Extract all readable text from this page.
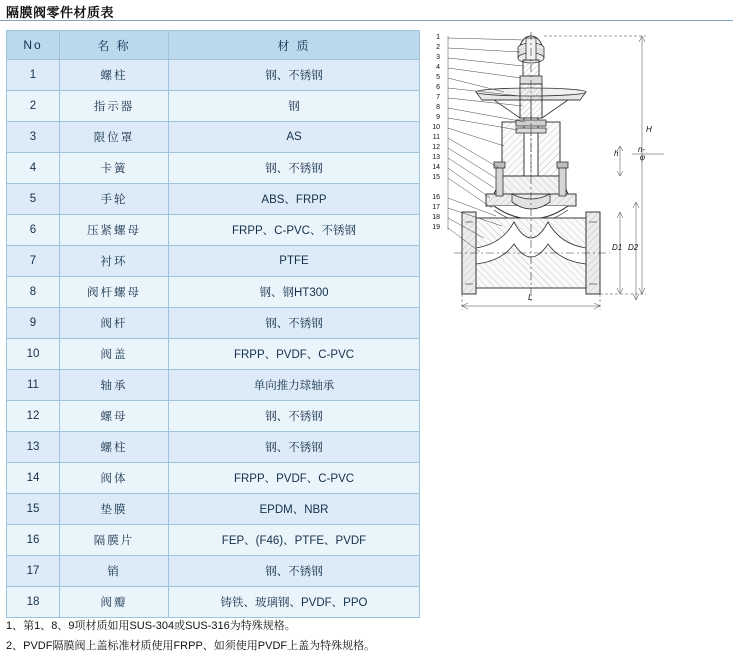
隔膜阀零件材质表
No	名 称	材 质
1	螺柱	钢、不锈钢
2	指示器	钢
3	限位罩	AS
4	卡簧	钢、不锈钢
5	手轮	ABS、FRPP
6	压紧螺母	FRPP、C-PVC、不锈钢
7	衬环	PTFE
8	阀杆螺母	钢、钢HT300
9	阀杆	钢、不锈钢
10	阀盖	FRPP、PVDF、C-PVC
11	轴承	单向推力球轴承
12	螺母	钢、不锈钢
13	螺柱	钢、不锈钢
14	阀体	FRPP、PVDF、C-PVC
15	垫膜	EPDM、NBR
16	隔膜片	FEP、(F46)、PTFE、PVDF
17	销	钢、不锈钢
18	阀瓣	铸铁、玻璃钢、PVDF、PPO
1、第1、8、9项材质如用SUS-304或SUS-316为特殊规格。
2、PVDF隔膜阀上盖标准材质使用FRPP、如须使用PVDF上盖为特殊规格。
1
2
3
4
5
6
7
8
9
10
11
12
13
14
15
16
17
18
19
H
h n-φ
D1 D2
L
